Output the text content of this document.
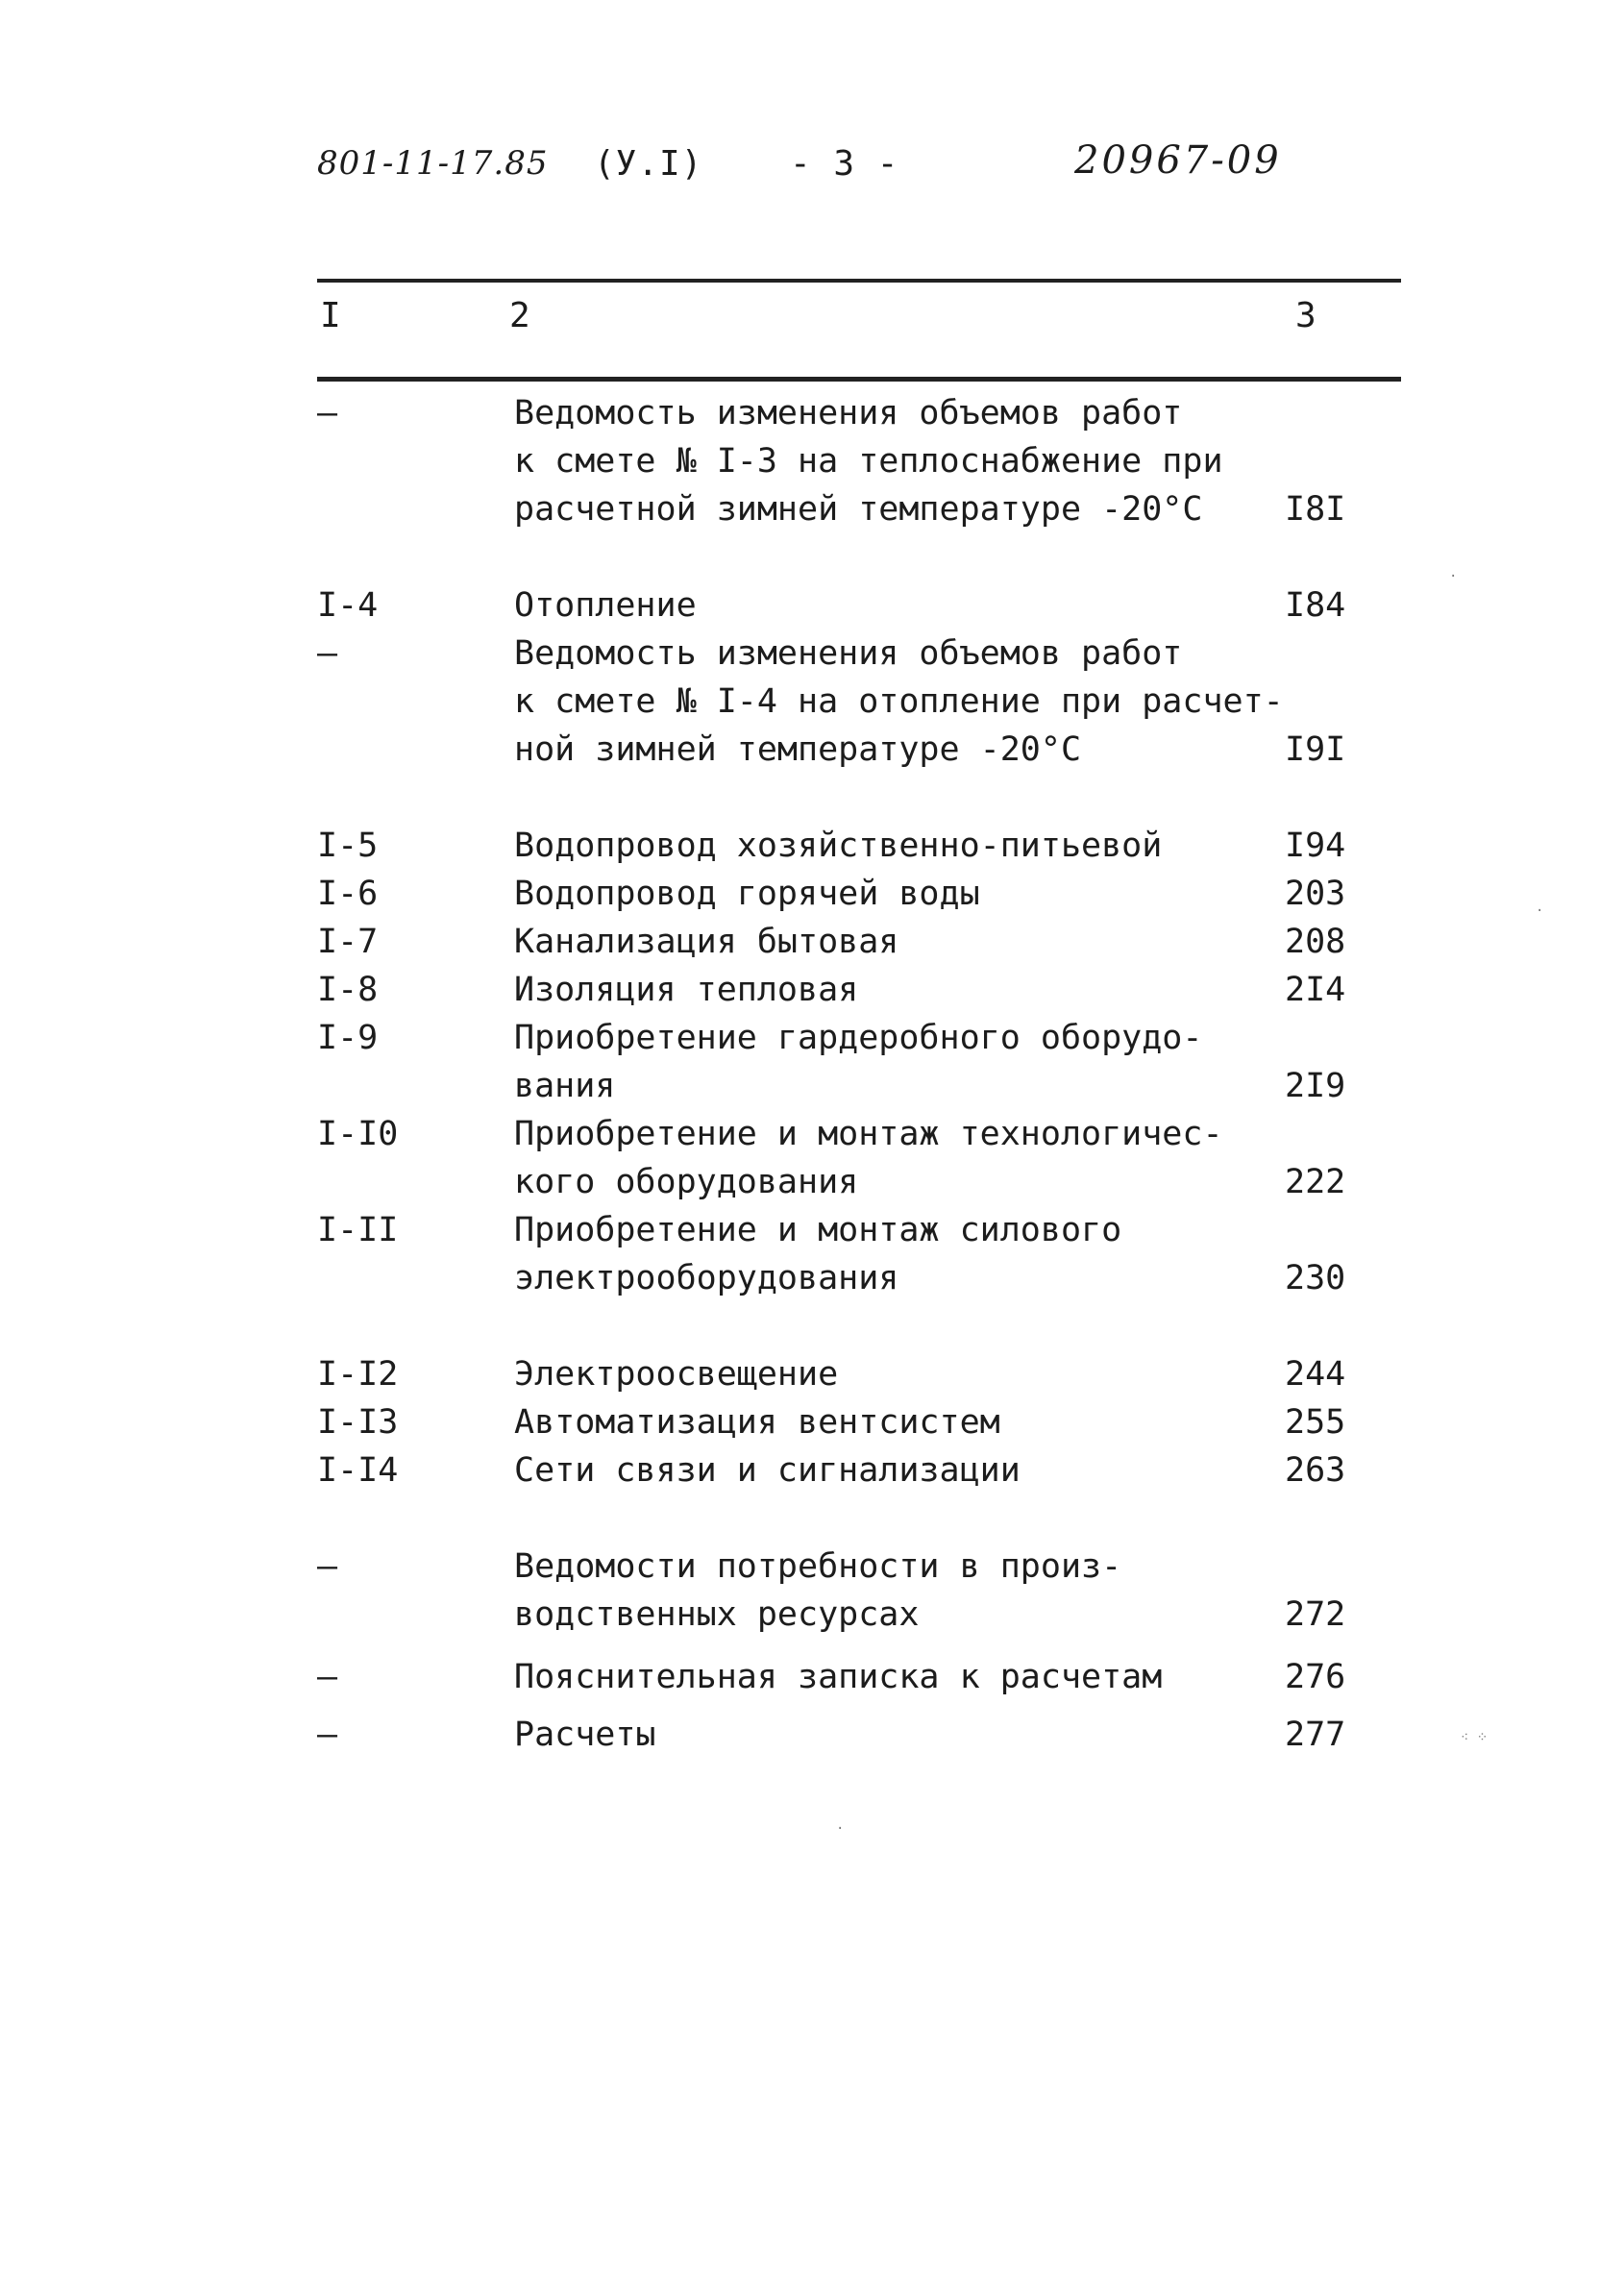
801-11-17.85 (У.I)	- 3 -	20967-09
I	2	3
–	Ведомость изменения объемов работ
к смете № I-3 на теплоснабжение при
расчетной зимней температуре -20°С	I8I
I-4	Отопление	I84
–	Ведомость изменения объемов работ
к смете № I-4 на отопление при расчет-
ной зимней температуре -20°С	I9I
I-5	Водопровод хозяйственно-питьевой	I94
I-6	Водопровод горячей воды	203
I-7	Канализация бытовая	208
I-8	Изоляция тепловая	2I4
I-9	Приобретение гардеробного оборудо-
вания	2I9
I-I0	Приобретение и монтаж технологичес-
кого оборудования	222
I-II	Приобретение и монтаж силового
электрооборудования	230
I-I2	Электроосвещение	244
I-I3	Автоматизация вентсистем	255
I-I4	Сети связи и сигнализации	263
–	Ведомости потребности в произ-
водственных ресурсах	272
–	Пояснительная записка к расчетам	276
–	Расчеты	277
·
·
⁖ ⁘
·
